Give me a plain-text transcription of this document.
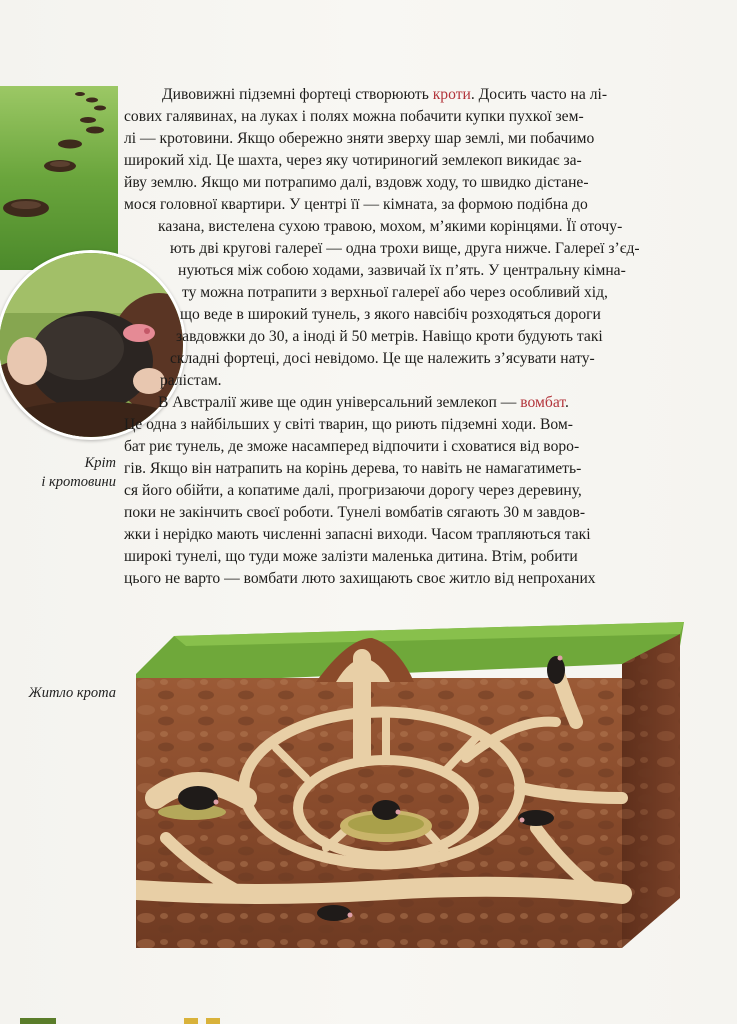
Кріт
і кротовини
Житло крота
Дивовижні підземні фортеці створюють кроти. Досить часто на лі-
сових галявинах, на луках і полях можна побачити купки пухкої зем-
лі — кротовини. Якщо обережно зняти зверху шар землі, ми побачимо
широкий хід. Це шахта, через яку чотириногий землекоп викидає за-
йву землю. Якщо ми потрапимо далі, вздовж ходу, то швидко дістане-
мося головної квартири. У центрі її — кімната, за формою подібна до
казана, вистелена сухою травою, мохом, м’якими корінцями. Її оточу-
ють дві кругові галереї — одна трохи вище, друга нижче. Галереї з’єд-
нуються між собою ходами, зазвичай їх п’ять. У центральну кімна-
ту можна потрапити з верхньої галереї або через особливий хід,
що веде в широкий тунель, з якого навсібіч розходяться дороги
завдовжки до 30, а іноді й 50 метрів. Навіщо кроти будують такі
складні фортеці, досі невідомо. Це ще належить з’ясувати нату-
ралістам.
В Австралії живе ще один універсальний землекоп — вомбат.
Це одна з найбільших у світі тварин, що риють підземні ходи. Вом-
бат риє тунель, де зможе насамперед відпочити і сховатися від воро-
гів. Якщо він натрапить на корінь дерева, то навіть не намагатиметь-
ся його обійти, а копатиме далі, прогризаючи дорогу через деревину,
поки не закінчить своєї роботи. Тунелі вомбатів сягають 30 м завдов-
жки і нерідко мають численні запасні виходи. Часом трапляються такі
широкі тунелі, що туди може залізти маленька дитина. Втім, робити
цього не варто — вомбати люто захищають своє житло від непроханих
